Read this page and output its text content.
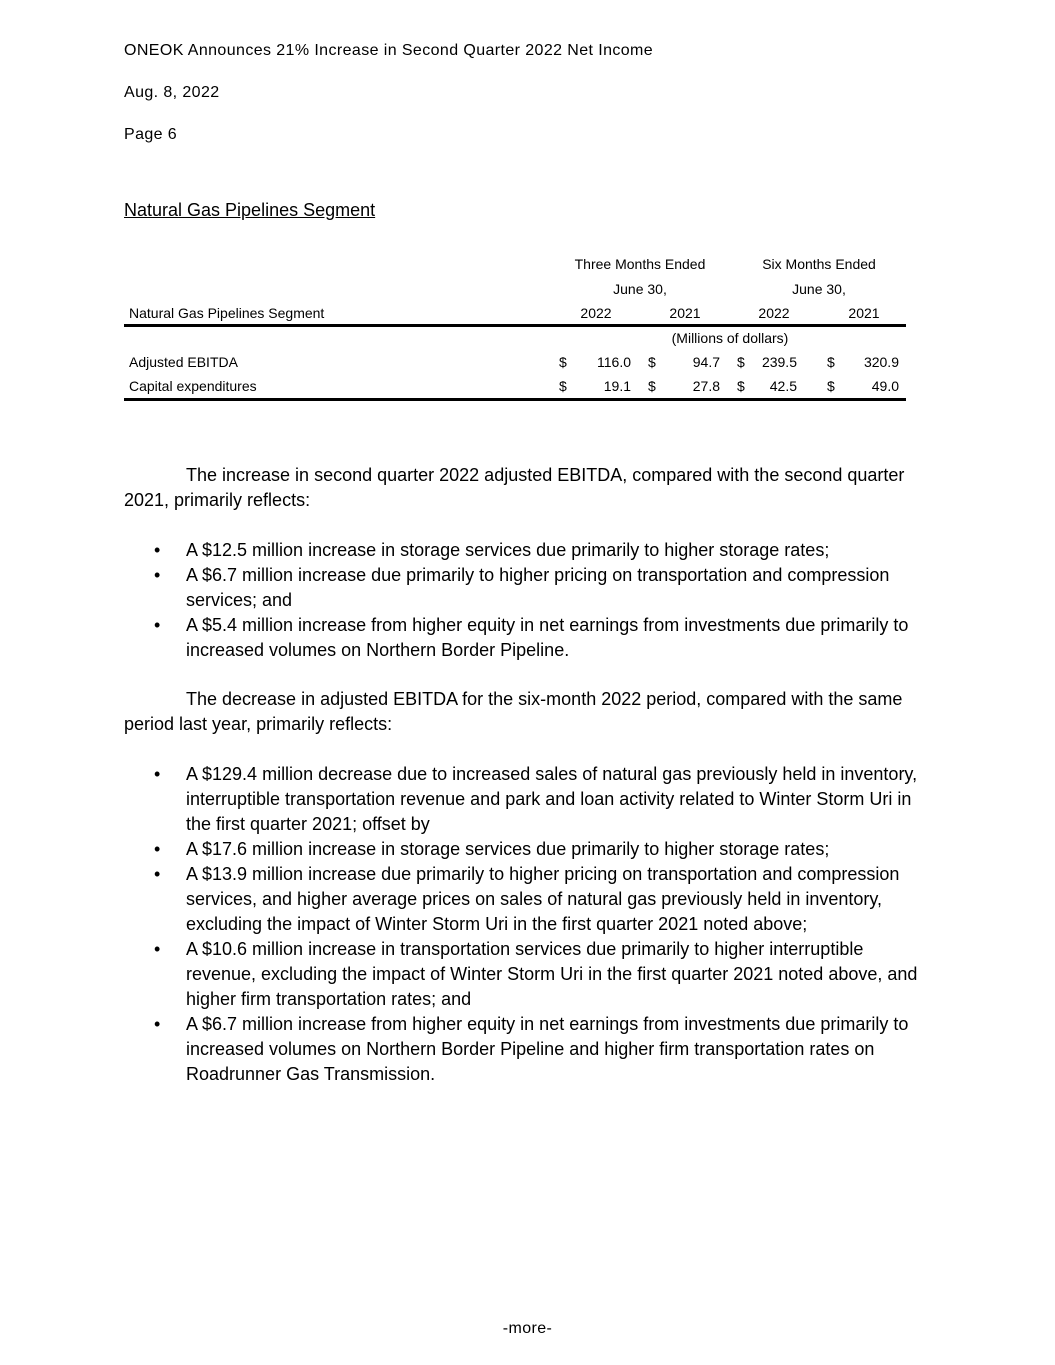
ONEOK Announces 21% Increase in Second Quarter 2022 Net Income
Aug. 8, 2022
Page 6
Natural Gas Pipelines Segment
Three Months Ended	Six Months Ended
June 30,	June 30,
Natural Gas Pipelines Segment	2022	2021	2022	2021
(Millions of dollars)
Adjusted EBITDA	$	116.0 $	94.7 $	239.5 $	320.9
Capital expenditures	$	19.1 $	27.8 $	42.5 $	49.0
The increase in second quarter 2022 adjusted EBITDA, compared with the second quarter 2021, primarily reflects:
• A $12.5 million increase in storage services due primarily to higher storage rates;
• A $6.7 million increase due primarily to higher pricing on transportation and compression services; and
• A $5.4 million increase from higher equity in net earnings from investments due primarily to increased volumes on Northern Border Pipeline.
The decrease in adjusted EBITDA for the six-month 2022 period, compared with the same period last year, primarily reflects:
• A $129.4 million decrease due to increased sales of natural gas previously held in inventory, interruptible transportation revenue and park and loan activity related to Winter Storm Uri in the first quarter 2021; offset by
• A $17.6 million increase in storage services due primarily to higher storage rates;
• A $13.9 million increase due primarily to higher pricing on transportation and compression services, and higher average prices on sales of natural gas previously held in inventory, excluding the impact of Winter Storm Uri in the first quarter 2021 noted above;
• A $10.6 million increase in transportation services due primarily to higher interruptible revenue, excluding the impact of Winter Storm Uri in the first quarter 2021 noted above, and higher firm transportation rates; and
• A $6.7 million increase from higher equity in net earnings from investments due primarily to increased volumes on Northern Border Pipeline and higher firm transportation rates on Roadrunner Gas Transmission.
-more-
